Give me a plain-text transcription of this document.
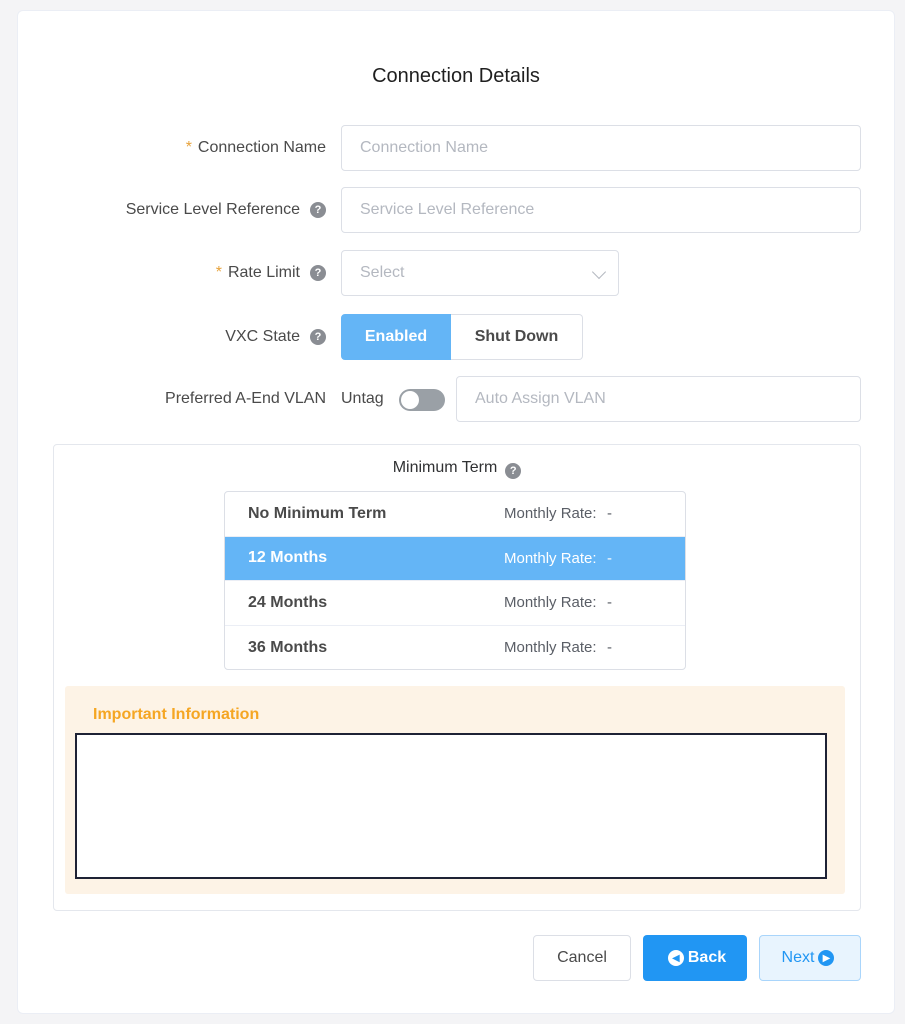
Connection Details
* Connection Name Connection Name
Service Level Reference	? Service Level Reference
* Rate Limit	? Select
VXC State	?	Enabled	Shut Down
Preferred A-End VLAN Untag	Auto Assign VLAN
Minimum Term ?
No Minimum Term	Monthly Rate: -
12 Months	Monthly Rate: -
24 Months	Monthly Rate: -
36 Months	Monthly Rate: -
Important Information
Cancel	◀ Back	Next ▶
